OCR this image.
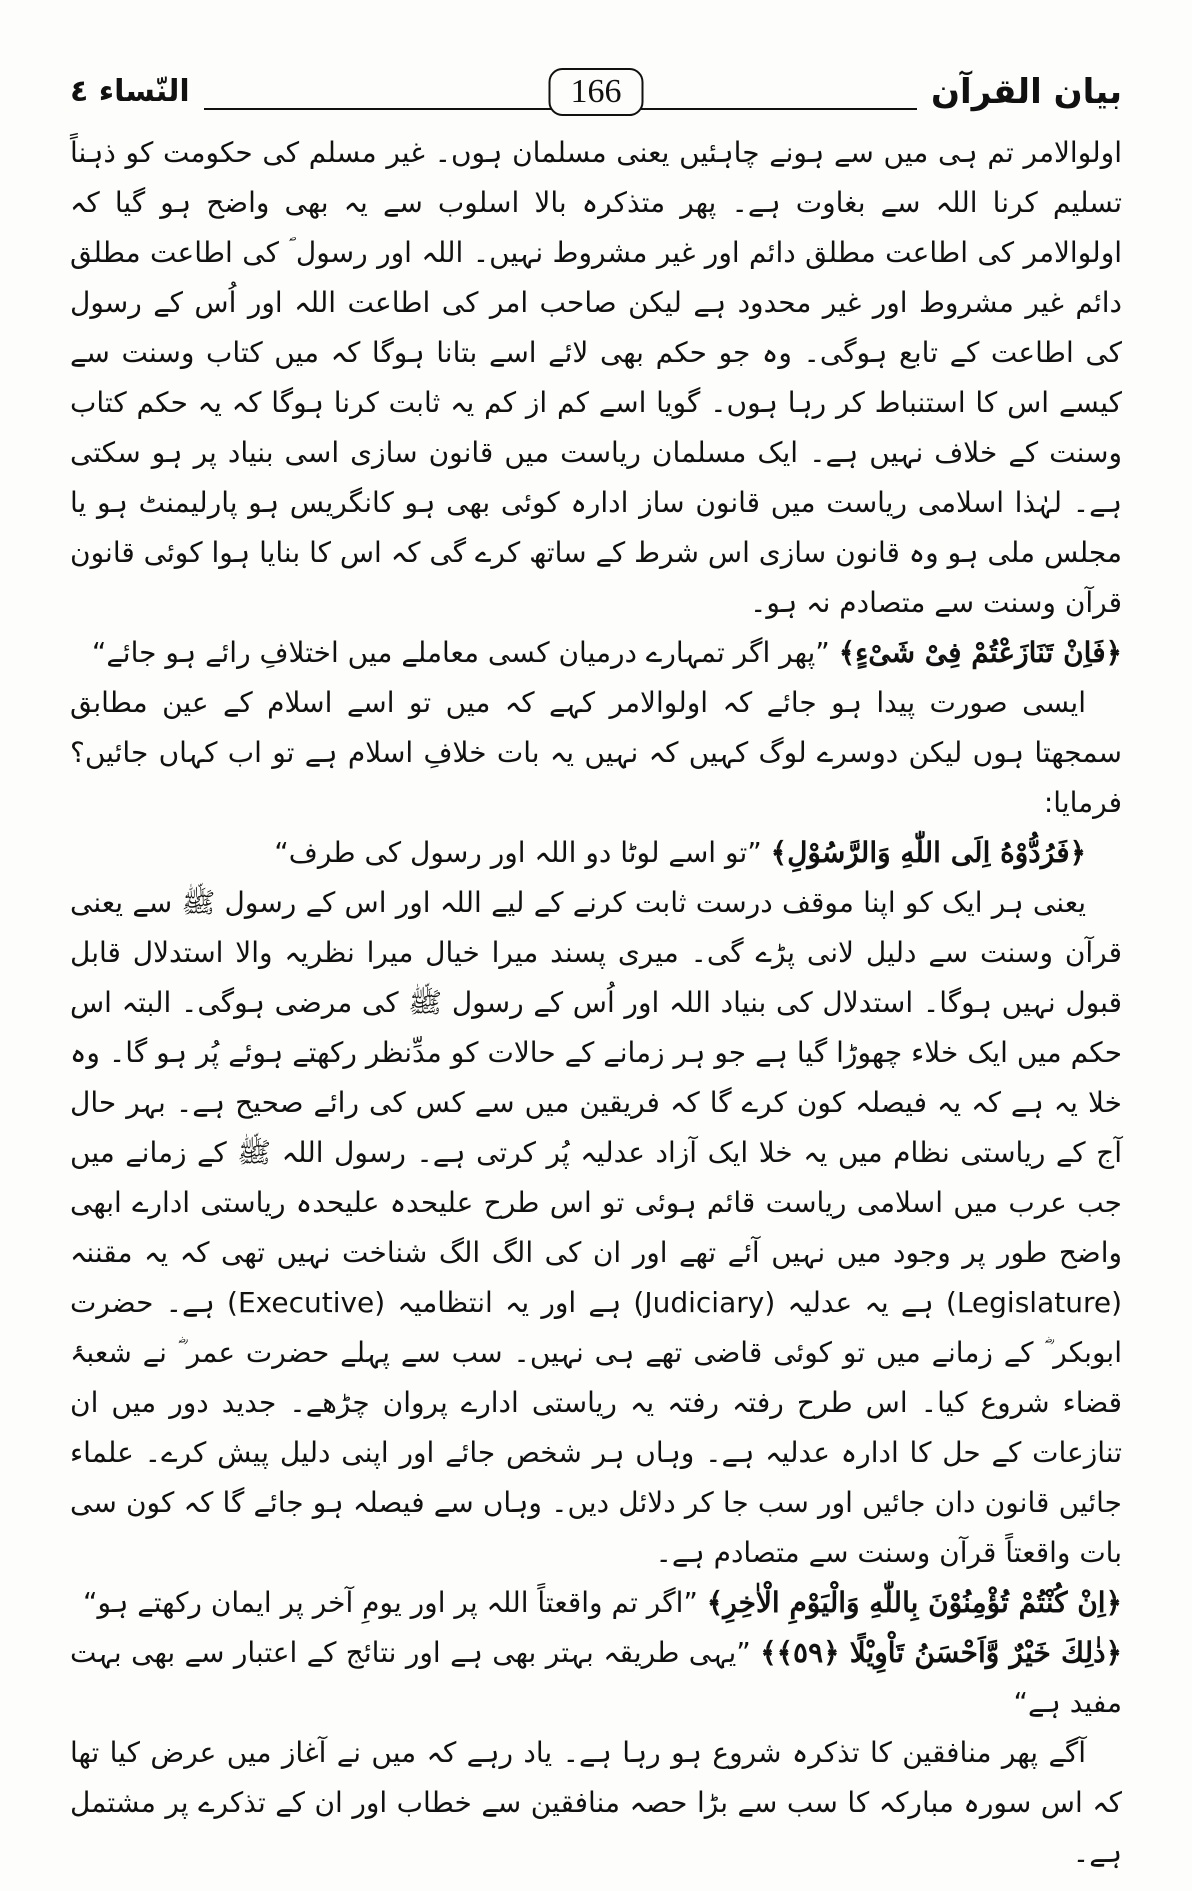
بیان القرآن
166
النّساء ٤

اولوالامر تم ہی میں سے ہونے چاہئیں یعنی مسلمان ہوں۔ غیر مسلم کی حکومت کو ذہناً تسلیم کرنا اللہ سے بغاوت ہے۔ پھر متذکرہ بالا اسلوب سے یہ بھی واضح ہو گیا کہ اولوالامر کی اطاعت مطلق دائم اور غیر مشروط نہیں۔ اللہ اور رسول ؐ کی اطاعت مطلق دائم غیر مشروط اور غیر محدود ہے لیکن صاحب امر کی اطاعت اللہ اور اُس کے رسول کی اطاعت کے تابع ہوگی۔ وہ جو حکم بھی لائے اسے بتانا ہوگا کہ میں کتاب وسنت سے کیسے اس کا استنباط کر رہا ہوں۔ گویا اسے کم از کم یہ ثابت کرنا ہوگا کہ یہ حکم کتاب وسنت کے خلاف نہیں ہے۔ ایک مسلمان ریاست میں قانون سازی اسی بنیاد پر ہو سکتی ہے۔ لہٰذا اسلامی ریاست میں قانون ساز ادارہ کوئی بھی ہو کانگریس ہو پارلیمنٹ ہو یا مجلس ملی ہو وہ قانون سازی اس شرط کے ساتھ کرے گی کہ اس کا بنایا ہوا کوئی قانون قرآن وسنت سے متصادم نہ ہو۔

﴿فَاِنْ تَنَازَعْتُمْ فِیْ شَیْءٍ﴾ ”پھر اگر تمہارے درمیان کسی معاملے میں اختلافِ رائے ہو جائے“

ایسی صورت پیدا ہو جائے کہ اولوالامر کہے کہ میں تو اسے اسلام کے عین مطابق سمجھتا ہوں لیکن دوسرے لوگ کہیں کہ نہیں یہ بات خلافِ اسلام ہے تو اب کہاں جائیں؟ فرمایا:

﴿فَرُدُّوْهُ اِلَى اللّٰهِ وَالرَّسُوْلِ﴾ ”تو اسے لوٹا دو اللہ اور رسول کی طرف“

یعنی ہر ایک کو اپنا موقف درست ثابت کرنے کے لیے اللہ اور اس کے رسول ﷺ سے یعنی قرآن وسنت سے دلیل لانی پڑے گی۔ میری پسند میرا خیال میرا نظریہ والا استدلال قابل قبول نہیں ہوگا۔ استدلال کی بنیاد اللہ اور اُس کے رسول ﷺ کی مرضی ہوگی۔ البتہ اس حکم میں ایک خلاء چھوڑا گیا ہے جو ہر زمانے کے حالات کو مدِّنظر رکھتے ہوئے پُر ہو گا۔ وہ خلا یہ ہے کہ یہ فیصلہ کون کرے گا کہ فریقین میں سے کس کی رائے صحیح ہے۔ بہر حال آج کے ریاستی نظام میں یہ خلا ایک آزاد عدلیہ پُر کرتی ہے۔ رسول اللہ ﷺ کے زمانے میں جب عرب میں اسلامی ریاست قائم ہوئی تو اس طرح علیحدہ علیحدہ ریاستی ادارے ابھی واضح طور پر وجود میں نہیں آئے تھے اور ان کی الگ الگ شناخت نہیں تھی کہ یہ مقننہ (Legislature) ہے یہ عدلیہ (Judiciary) ہے اور یہ انتظامیہ (Executive) ہے۔ حضرت ابوبکر ؓ کے زمانے میں تو کوئی قاضی تھے ہی نہیں۔ سب سے پہلے حضرت عمر ؓ نے شعبۂ قضاء شروع کیا۔ اس طرح رفتہ رفتہ یہ ریاستی ادارے پروان چڑھے۔ جدید دور میں ان تنازعات کے حل کا ادارہ عدلیہ ہے۔ وہاں ہر شخص جائے اور اپنی دلیل پیش کرے۔ علماء جائیں قانون دان جائیں اور سب جا کر دلائل دیں۔ وہاں سے فیصلہ ہو جائے گا کہ کون سی بات واقعتاً قرآن وسنت سے متصادم ہے۔

﴿اِنْ كُنْتُمْ تُؤْمِنُوْنَ بِاللّٰهِ وَالْيَوْمِ الْاٰخِرِ﴾ ”اگر تم واقعتاً اللہ پر اور یومِ آخر پر ایمان رکھتے ہو“

﴿ذٰلِكَ خَيْرٌ وَّاَحْسَنُ تَاْوِيْلًا ﴿٥٩﴾﴾ ”یہی طریقہ بہتر بھی ہے اور نتائج کے اعتبار سے بھی بہت مفید ہے“

آگے پھر منافقین کا تذکرہ شروع ہو رہا ہے۔ یاد رہے کہ میں نے آغاز میں عرض کیا تھا کہ اس سورہ مبارکہ کا سب سے بڑا حصہ منافقین سے خطاب اور ان کے تذکرے پر مشتمل ہے۔
